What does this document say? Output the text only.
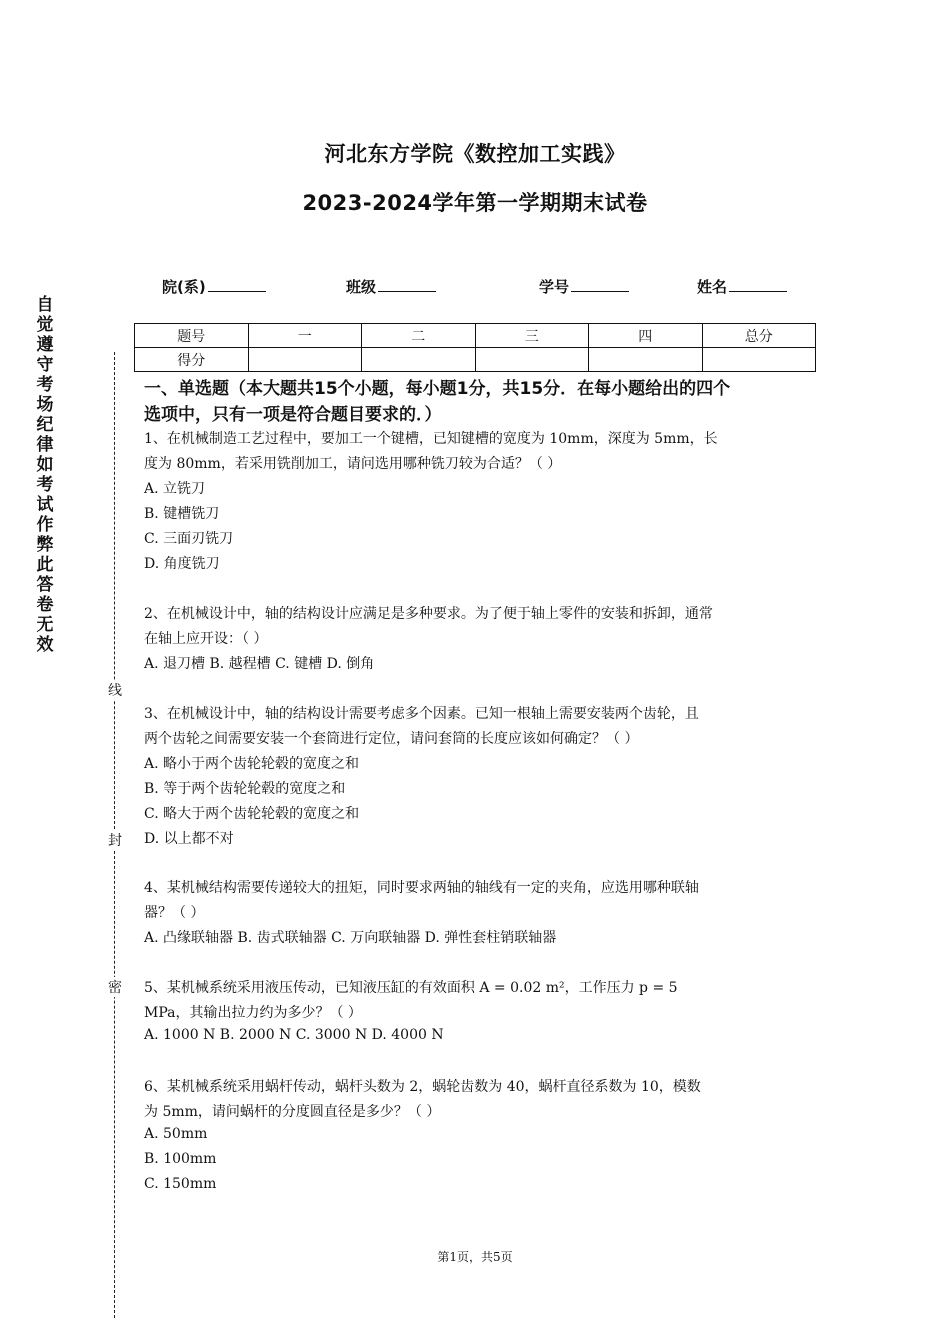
河北东方学院《数控加工实践》
2023-2024学年第一学期期末试卷
院(系)	班级	学号	姓名
题号	一	二	三	四	总分
得分					
自
觉
遵
守
考
场
纪
律
如
考
试
作
弊
此
答
卷
无
效
线
封
密
一、单选题（本大题共15个小题，每小题1分，共15分．在每小题给出的四个
选项中，只有一项是符合题目要求的．）
1、在机械制造工艺过程中，要加工一个键槽，已知键槽的宽度为 10mm，深度为 5mm，长
度为 80mm，若采用铣削加工，请问选用哪种铣刀较为合适？（ ）
A. 立铣刀
B. 键槽铣刀
C. 三面刃铣刀
D. 角度铣刀
2、在机械设计中，轴的结构设计应满足是多种要求。为了便于轴上零件的安装和拆卸，通常
在轴上应开设：（ ）
A. 退刀槽 B. 越程槽 C. 键槽 D. 倒角
3、在机械设计中，轴的结构设计需要考虑多个因素。已知一根轴上需要安装两个齿轮，且
两个齿轮之间需要安装一个套筒进行定位，请问套筒的长度应该如何确定？（ ）
A. 略小于两个齿轮轮毂的宽度之和
B. 等于两个齿轮轮毂的宽度之和
C. 略大于两个齿轮轮毂的宽度之和
D. 以上都不对
4、某机械结构需要传递较大的扭矩，同时要求两轴的轴线有一定的夹角，应选用哪种联轴
器？（ ）
A. 凸缘联轴器 B. 齿式联轴器 C. 万向联轴器 D. 弹性套柱销联轴器
5、某机械系统采用液压传动，已知液压缸的有效面积 A = 0.02 m²，工作压力 p = 5
MPa，其输出拉力约为多少？（ ）
A. 1000 N B. 2000 N C. 3000 N D. 4000 N
6、某机械系统采用蜗杆传动，蜗杆头数为 2，蜗轮齿数为 40，蜗杆直径系数为 10，模数
为 5mm，请问蜗杆的分度圆直径是多少？（ ）
A. 50mm
B. 100mm
C. 150mm
第1页，共5页
